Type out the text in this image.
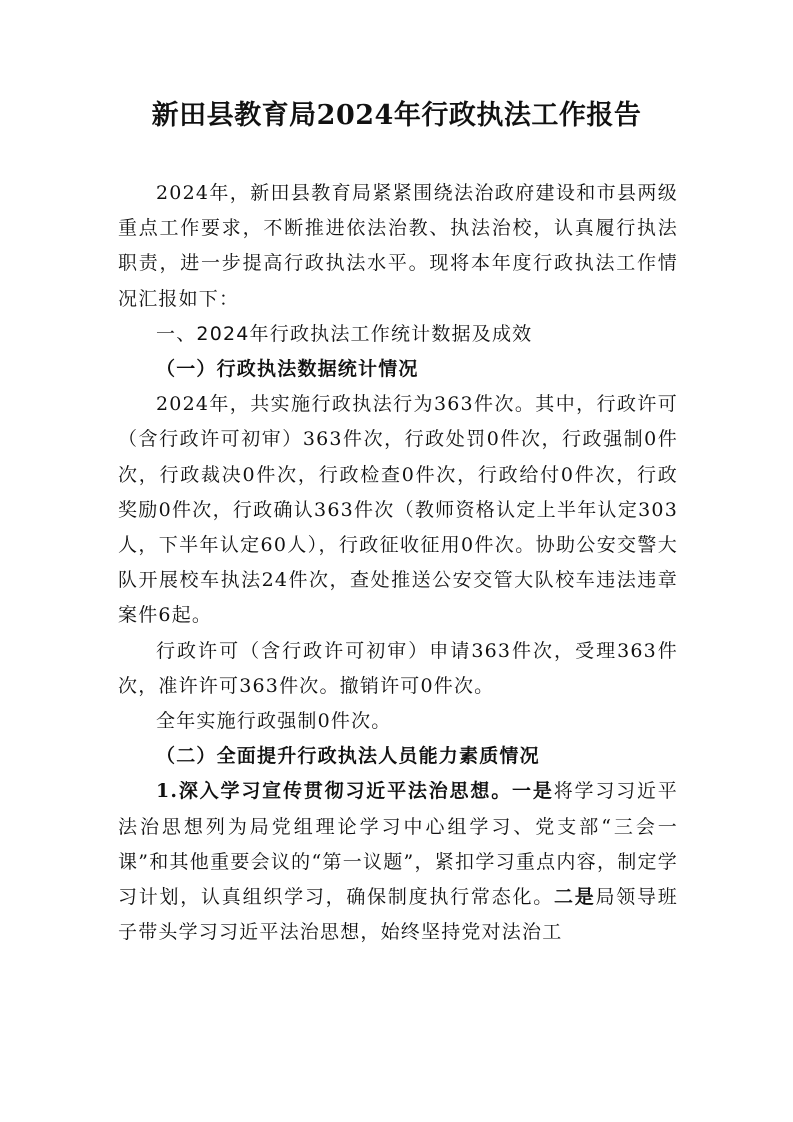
新田县教育局2024年行政执法工作报告

2024年，新田县教育局紧紧围绕法治政府建设和市县两级重点工作要求，不断推进依法治教、执法治校，认真履行执法职责，进一步提高行政执法水平。现将本年度行政执法工作情况汇报如下：

一、2024年行政执法工作统计数据及成效

（一）行政执法数据统计情况

2024年，共实施行政执法行为363件次。其中，行政许可（含行政许可初审）363件次，行政处罚0件次，行政强制0件次，行政裁决0件次，行政检查0件次，行政给付0件次，行政奖励0件次，行政确认363件次（教师资格认定上半年认定303人，下半年认定60人），行政征收征用0件次。协助公安交警大队开展校车执法24件次，查处推送公安交管大队校车违法违章案件6起。

行政许可（含行政许可初审）申请363件次，受理363件次，准许许可363件次。撤销许可0件次。

全年实施行政强制0件次。

（二）全面提升行政执法人员能力素质情况

1.深入学习宣传贯彻习近平法治思想。一是将学习习近平法治思想列为局党组理论学习中心组学习、党支部“三会一课”和其他重要会议的“第一议题”，紧扣学习重点内容，制定学习计划，认真组织学习，确保制度执行常态化。二是局领导班子带头学习习近平法治思想，始终坚持党对法治工
